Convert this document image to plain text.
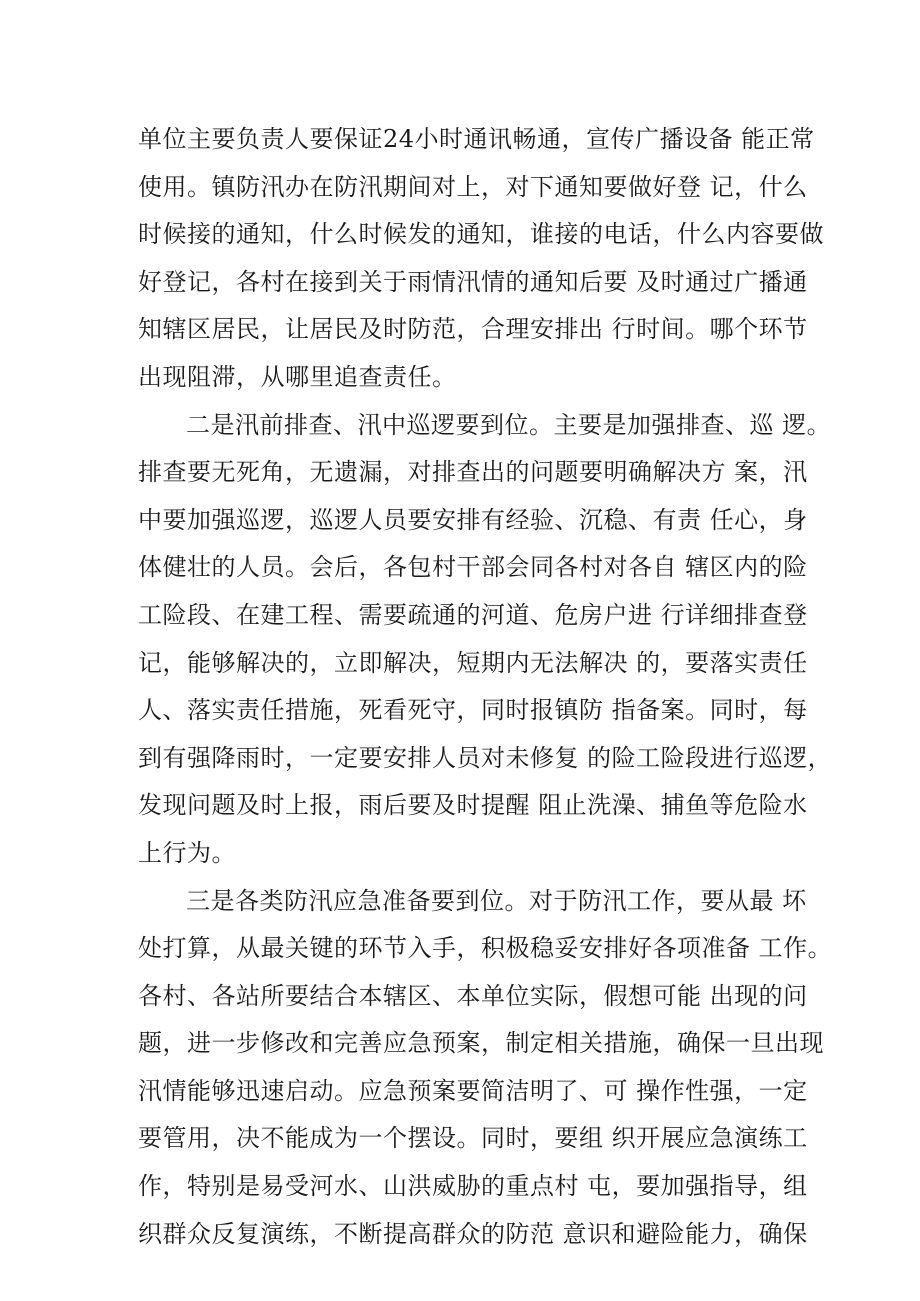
单位主要负责人要保证24小时通讯畅通，宣传广播设备 能正常
使用。镇防汛办在防汛期间对上，对下通知要做好登 记，什么
时候接的通知，什么时候发的通知，谁接的电话，什么内容要做
好登记，各村在接到关于雨情汛情的通知后要 及时通过广播通
知辖区居民，让居民及时防范，合理安排出 行时间。哪个环节
出现阻滞，从哪里追查责任。
二是汛前排查、汛中巡逻要到位。主要是加强排查、巡 逻。
排查要无死角，无遗漏，对排查出的问题要明确解决方 案，汛
中要加强巡逻，巡逻人员要安排有经验、沉稳、有责 任心，身
体健壮的人员。会后，各包村干部会同各村对各自 辖区内的险
工险段、在建工程、需要疏通的河道、危房户进 行详细排查登
记，能够解决的，立即解决，短期内无法解决 的，要落实责任
人、落实责任措施，死看死守，同时报镇防 指备案。同时，每
到有强降雨时，一定要安排人员对未修复 的险工险段进行巡逻，
发现问题及时上报，雨后要及时提醒 阻止洗澡、捕鱼等危险水
上行为。
三是各类防汛应急准备要到位。对于防汛工作，要从最 坏
处打算，从最关键的环节入手，积极稳妥安排好各项准备 工作。
各村、各站所要结合本辖区、本单位实际，假想可能 出现的问
题，进一步修改和完善应急预案，制定相关措施，确保一旦出现
汛情能够迅速启动。应急预案要简洁明了、可 操作性强，一定
要管用，决不能成为一个摆设。同时，要组 织开展应急演练工
作，特别是易受河水、山洪威胁的重点村 屯，要加强指导，组
织群众反复演练，不断提高群众的防范 意识和避险能力，确保
